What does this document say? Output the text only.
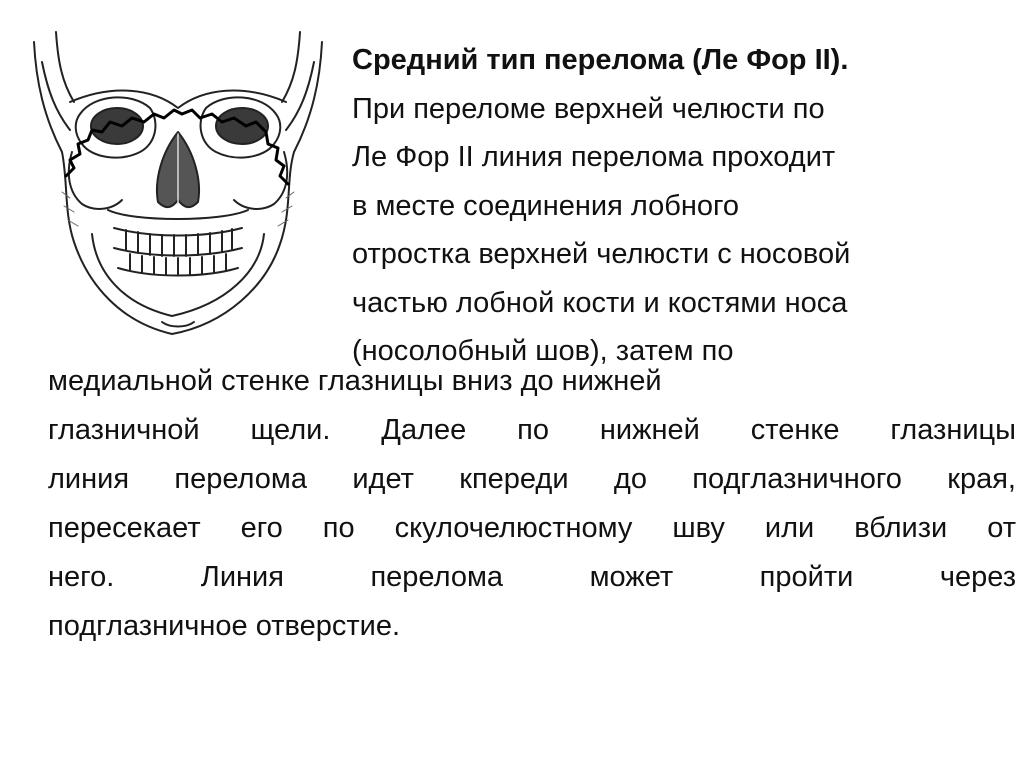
Средний тип перелома (Ле Фор II).
При переломе верхней челюсти по
Ле Фор II линия перелома проходит
в месте соединения лобного
отростка верхней челюсти с носовой
частью лобной кости и костями носа
(носолобный шов), затем по
медиальной стенке глазницы вниз до нижней
глазничной щели. Далее по нижней стенке глазницы
линия перелома идет кпереди до подглазничного края,
пересекает его по скулочелюстному шву или вблизи от
него. Линия перелома может пройти через
подглазничное отверстие.
